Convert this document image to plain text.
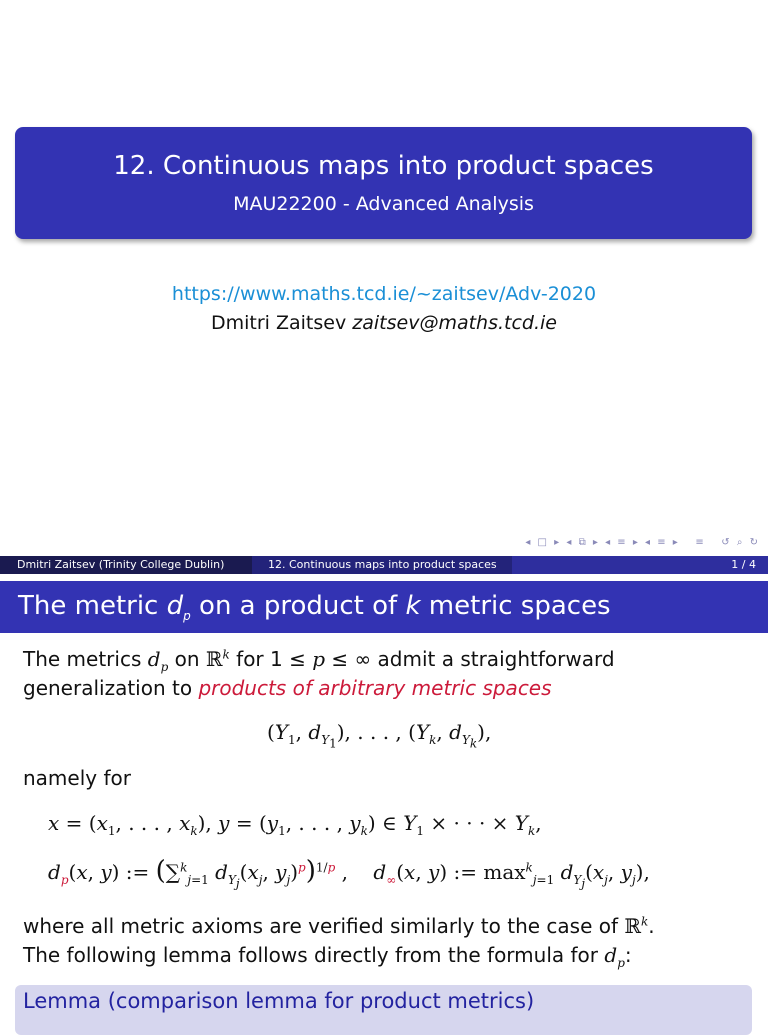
12. Continuous maps into product spaces
MAU22200 - Advanced Analysis
https://www.maths.tcd.ie/~zaitsev/Adv-2020
Dmitri Zaitsev zaitsev@maths.tcd.ie
◂ □ ▸ ◂ ⧉ ▸ ◂ ≡ ▸ ◂ ≡ ▸   ≡   ↺ ⌕ ↻
Dmitri Zaitsev (Trinity College Dublin)	12. Continuous maps into product spaces	1 / 4
The metric $d_p$ on a product of k metric spaces
The metrics $d_p$ on ℝ$^k$ for 1 ≤ p ≤ ∞ admit a straightforward
generalization to products of arbitrary metric spaces
($Y_1$, $d_{Y_1}$), . . . , ($Y_k$, $d_{Y_k}$),
namely for
$x = (x_1$, . . . , $x_k$), $y = (y_1$, . . . , $y_k$) ∈ $Y_1$ × · · · × $Y_k$,
$d_p(x$, y) := (∑$^k_{j=1}$ $d_{Y_j}(x_j$, $y_j)^p)^{1/p}$ ,    $d_\infty(x$, y) := $\max^k_{j=1} d_{Y_j}(x_j$, $y_j$),
where all metric axioms are verified similarly to the case of ℝ$^k$.
The following lemma follows directly from the formula for $d_p$:
Lemma (comparison lemma for product metrics)
